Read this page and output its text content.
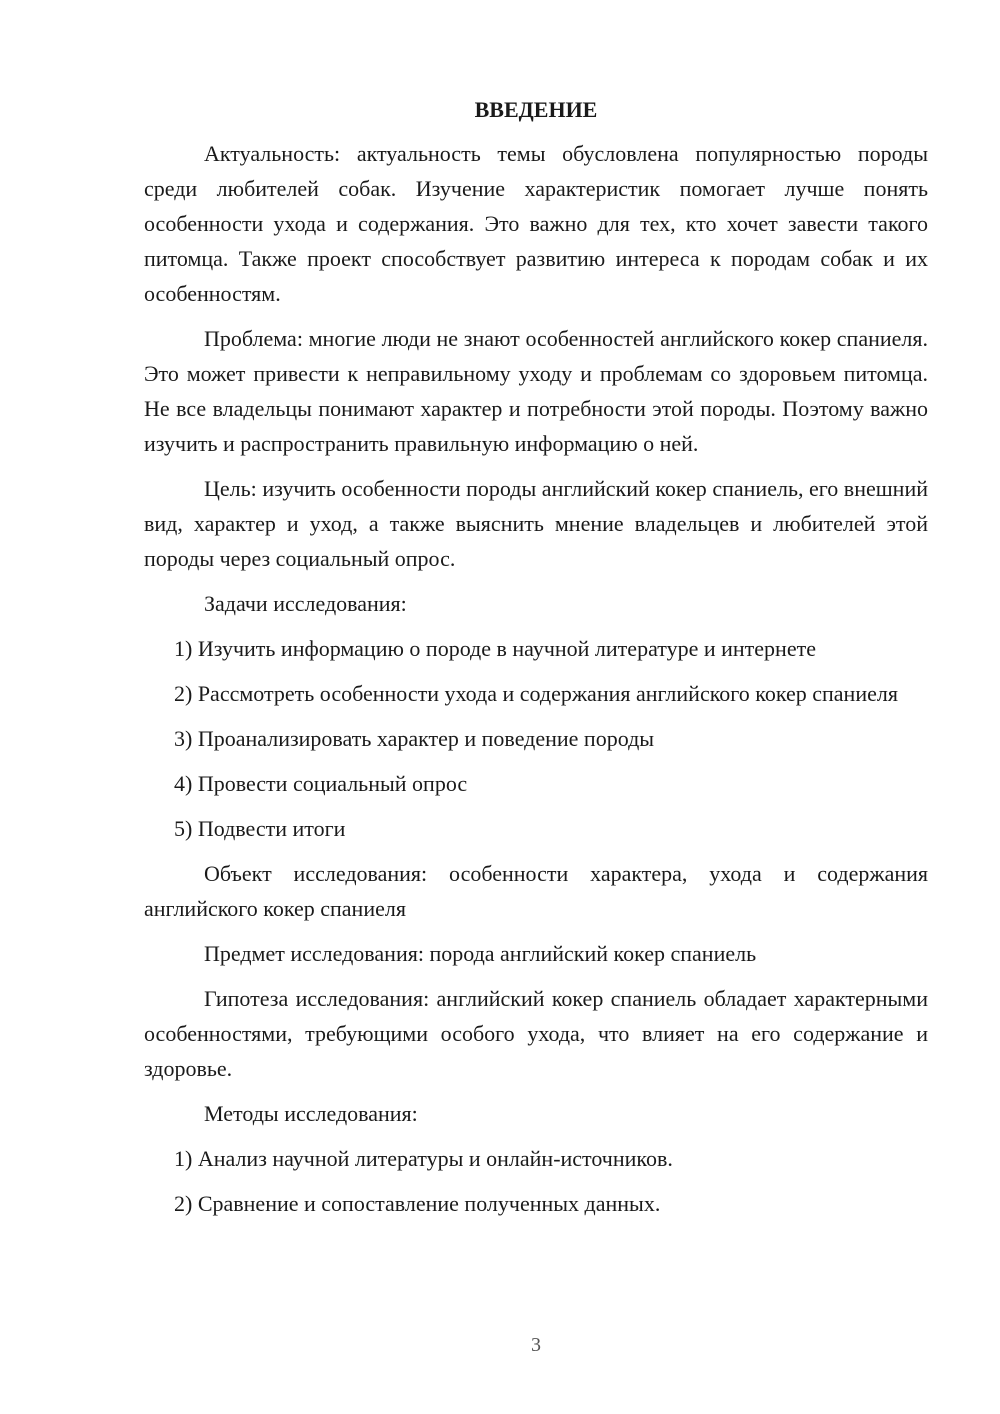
ВВЕДЕНИЕ

Актуальность: актуальность темы обусловлена популярностью породы среди любителей собак. Изучение характеристик помогает лучше понять особенности ухода и содержания. Это важно для тех, кто хочет завести такого питомца. Также проект способствует развитию интереса к породам собак и их особенностям.

Проблема: многие люди не знают особенностей английского кокер спаниеля. Это может привести к неправильному уходу и проблемам со здоровьем питомца. Не все владельцы понимают характер и потребности этой породы. Поэтому важно изучить и распространить правильную информацию о ней.

Цель: изучить особенности породы английский кокер спаниель, его внешний вид, характер и уход, а также выяснить мнение владельцев и любителей этой породы через социальный опрос.

Задачи исследования:

1) Изучить информацию о породе в научной литературе и интернете

2) Рассмотреть особенности ухода и содержания английского кокер спаниеля

3) Проанализировать характер и поведение породы

4) Провести социальный опрос

5) Подвести итоги

Объект исследования: особенности характера, ухода и содержания английского кокер спаниеля

Предмет исследования: порода английский кокер спаниель

Гипотеза исследования: английский кокер спаниель обладает характерными особенностями, требующими особого ухода, что влияет на его содержание и здоровье.

Методы исследования:

1) Анализ научной литературы и онлайн-источников.

2) Сравнение и сопоставление полученных данных.

3
